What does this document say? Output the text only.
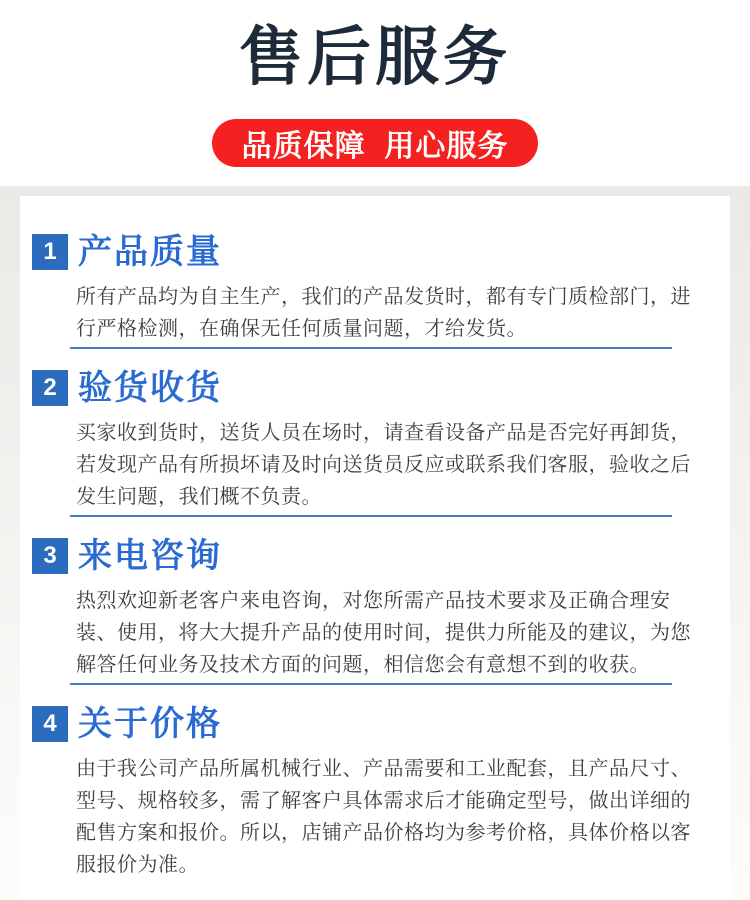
售后服务
品质保障  用心服务
1 产品质量

所有产品均为自主生产，我们的产品发货时，都有专门质检部门，进行严格检测，在确保无任何质量问题，才给发货。

2 验货收货

买家收到货时，送货人员在场时，请查看设备产品是否完好再卸货，若发现产品有所损坏请及时向送货员反应或联系我们客服，验收之后发生问题，我们概不负责。

3 来电咨询

热烈欢迎新老客户来电咨询，对您所需产品技术要求及正确合理安装、使用，将大大提升产品的使用时间，提供力所能及的建议，为您解答任何业务及技术方面的问题，相信您会有意想不到的收获。

4 关于价格

由于我公司产品所属机械行业、产品需要和工业配套，且产品尺寸、型号、规格较多，需了解客户具体需求后才能确定型号，做出详细的配售方案和报价。所以，店铺产品价格均为参考价格，具体价格以客服报价为准。
